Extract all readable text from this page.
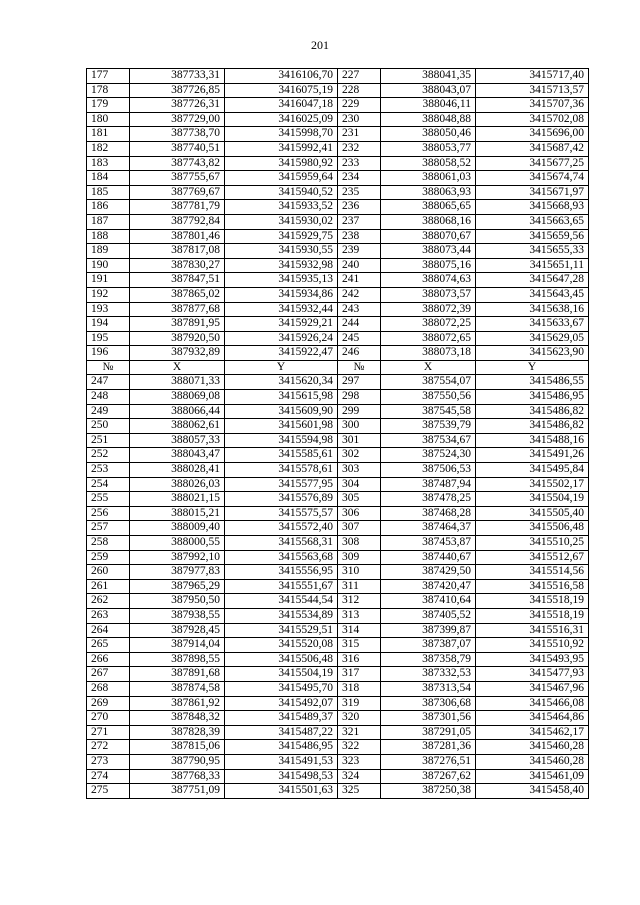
201
177	387733,31	3416106,70	227	388041,35	3415717,40
178	387726,85	3416075,19	228	388043,07	3415713,57
179	387726,31	3416047,18	229	388046,11	3415707,36
180	387729,00	3416025,09	230	388048,88	3415702,08
181	387738,70	3415998,70	231	388050,46	3415696,00
182	387740,51	3415992,41	232	388053,77	3415687,42
183	387743,82	3415980,92	233	388058,52	3415677,25
184	387755,67	3415959,64	234	388061,03	3415674,74
185	387769,67	3415940,52	235	388063,93	3415671,97
186	387781,79	3415933,52	236	388065,65	3415668,93
187	387792,84	3415930,02	237	388068,16	3415663,65
188	387801,46	3415929,75	238	388070,67	3415659,56
189	387817,08	3415930,55	239	388073,44	3415655,33
190	387830,27	3415932,98	240	388075,16	3415651,11
191	387847,51	3415935,13	241	388074,63	3415647,28
192	387865,02	3415934,86	242	388073,57	3415643,45
193	387877,68	3415932,44	243	388072,39	3415638,16
194	387891,95	3415929,21	244	388072,25	3415633,67
195	387920,50	3415926,24	245	388072,65	3415629,05
196	387932,89	3415922,47	246	388073,18	3415623,90
№	X	Y	№	X	Y
247	388071,33	3415620,34	297	387554,07	3415486,55
248	388069,08	3415615,98	298	387550,56	3415486,95
249	388066,44	3415609,90	299	387545,58	3415486,82
250	388062,61	3415601,98	300	387539,79	3415486,82
251	388057,33	3415594,98	301	387534,67	3415488,16
252	388043,47	3415585,61	302	387524,30	3415491,26
253	388028,41	3415578,61	303	387506,53	3415495,84
254	388026,03	3415577,95	304	387487,94	3415502,17
255	388021,15	3415576,89	305	387478,25	3415504,19
256	388015,21	3415575,57	306	387468,28	3415505,40
257	388009,40	3415572,40	307	387464,37	3415506,48
258	388000,55	3415568,31	308	387453,87	3415510,25
259	387992,10	3415563,68	309	387440,67	3415512,67
260	387977,83	3415556,95	310	387429,50	3415514,56
261	387965,29	3415551,67	311	387420,47	3415516,58
262	387950,50	3415544,54	312	387410,64	3415518,19
263	387938,55	3415534,89	313	387405,52	3415518,19
264	387928,45	3415529,51	314	387399,87	3415516,31
265	387914,04	3415520,08	315	387387,07	3415510,92
266	387898,55	3415506,48	316	387358,79	3415493,95
267	387891,68	3415504,19	317	387332,53	3415477,93
268	387874,58	3415495,70	318	387313,54	3415467,96
269	387861,92	3415492,07	319	387306,68	3415466,08
270	387848,32	3415489,37	320	387301,56	3415464,86
271	387828,39	3415487,22	321	387291,05	3415462,17
272	387815,06	3415486,95	322	387281,36	3415460,28
273	387790,95	3415491,53	323	387276,51	3415460,28
274	387768,33	3415498,53	324	387267,62	3415461,09
275	387751,09	3415501,63	325	387250,38	3415458,40
